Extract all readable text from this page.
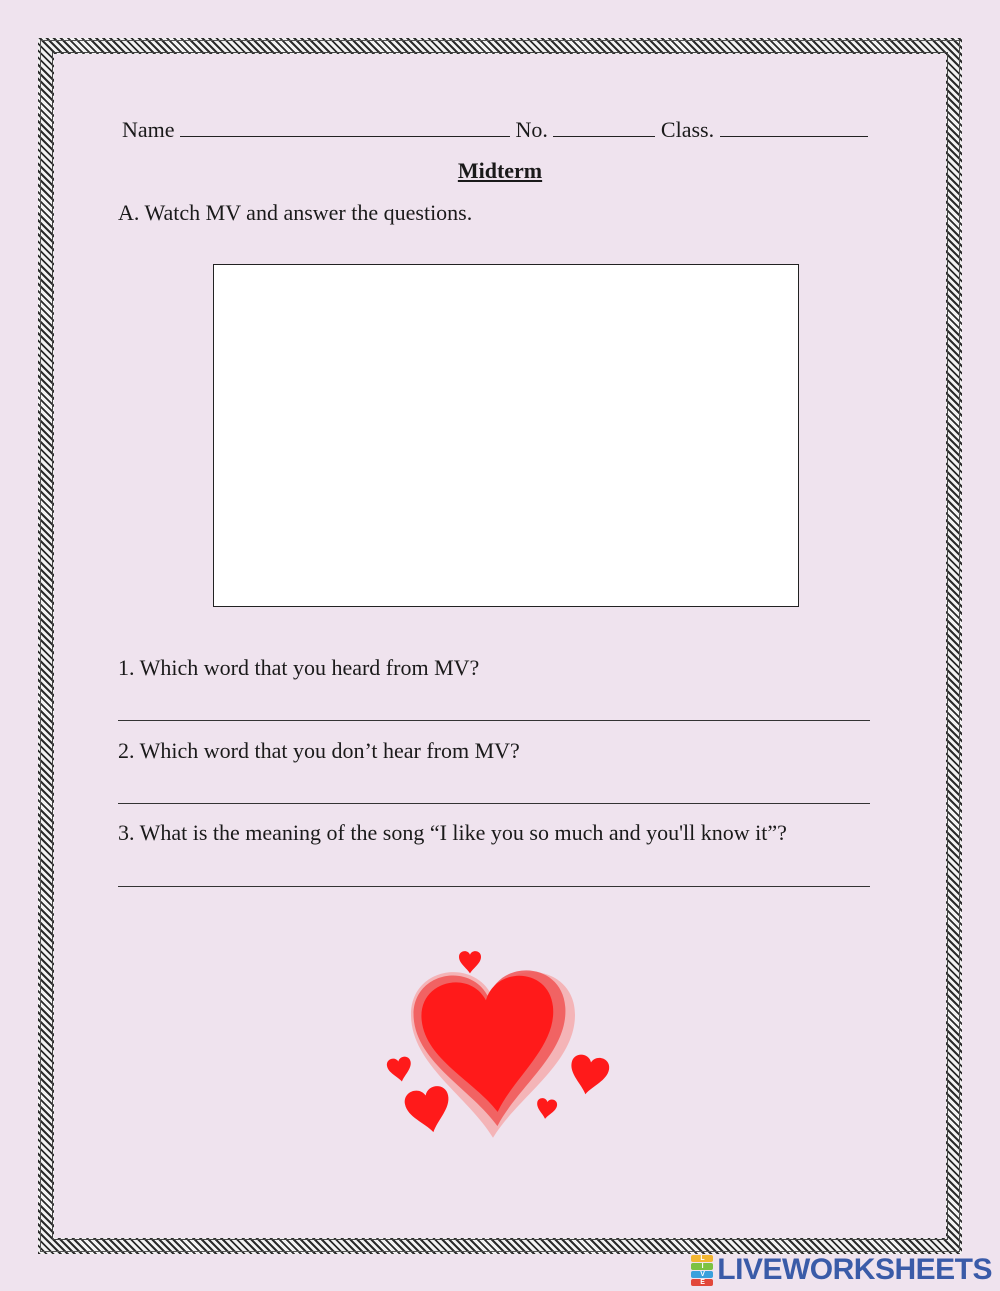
Name	No.	Class.
Midterm
A. Watch MV and answer the questions.
1. Which word that you heard from MV?
2. Which word that you don’t hear from MV?
3. What is the meaning of the song “I like you so much and you'll know it”?
L
I
V
E LIVEWORKSHEETS
